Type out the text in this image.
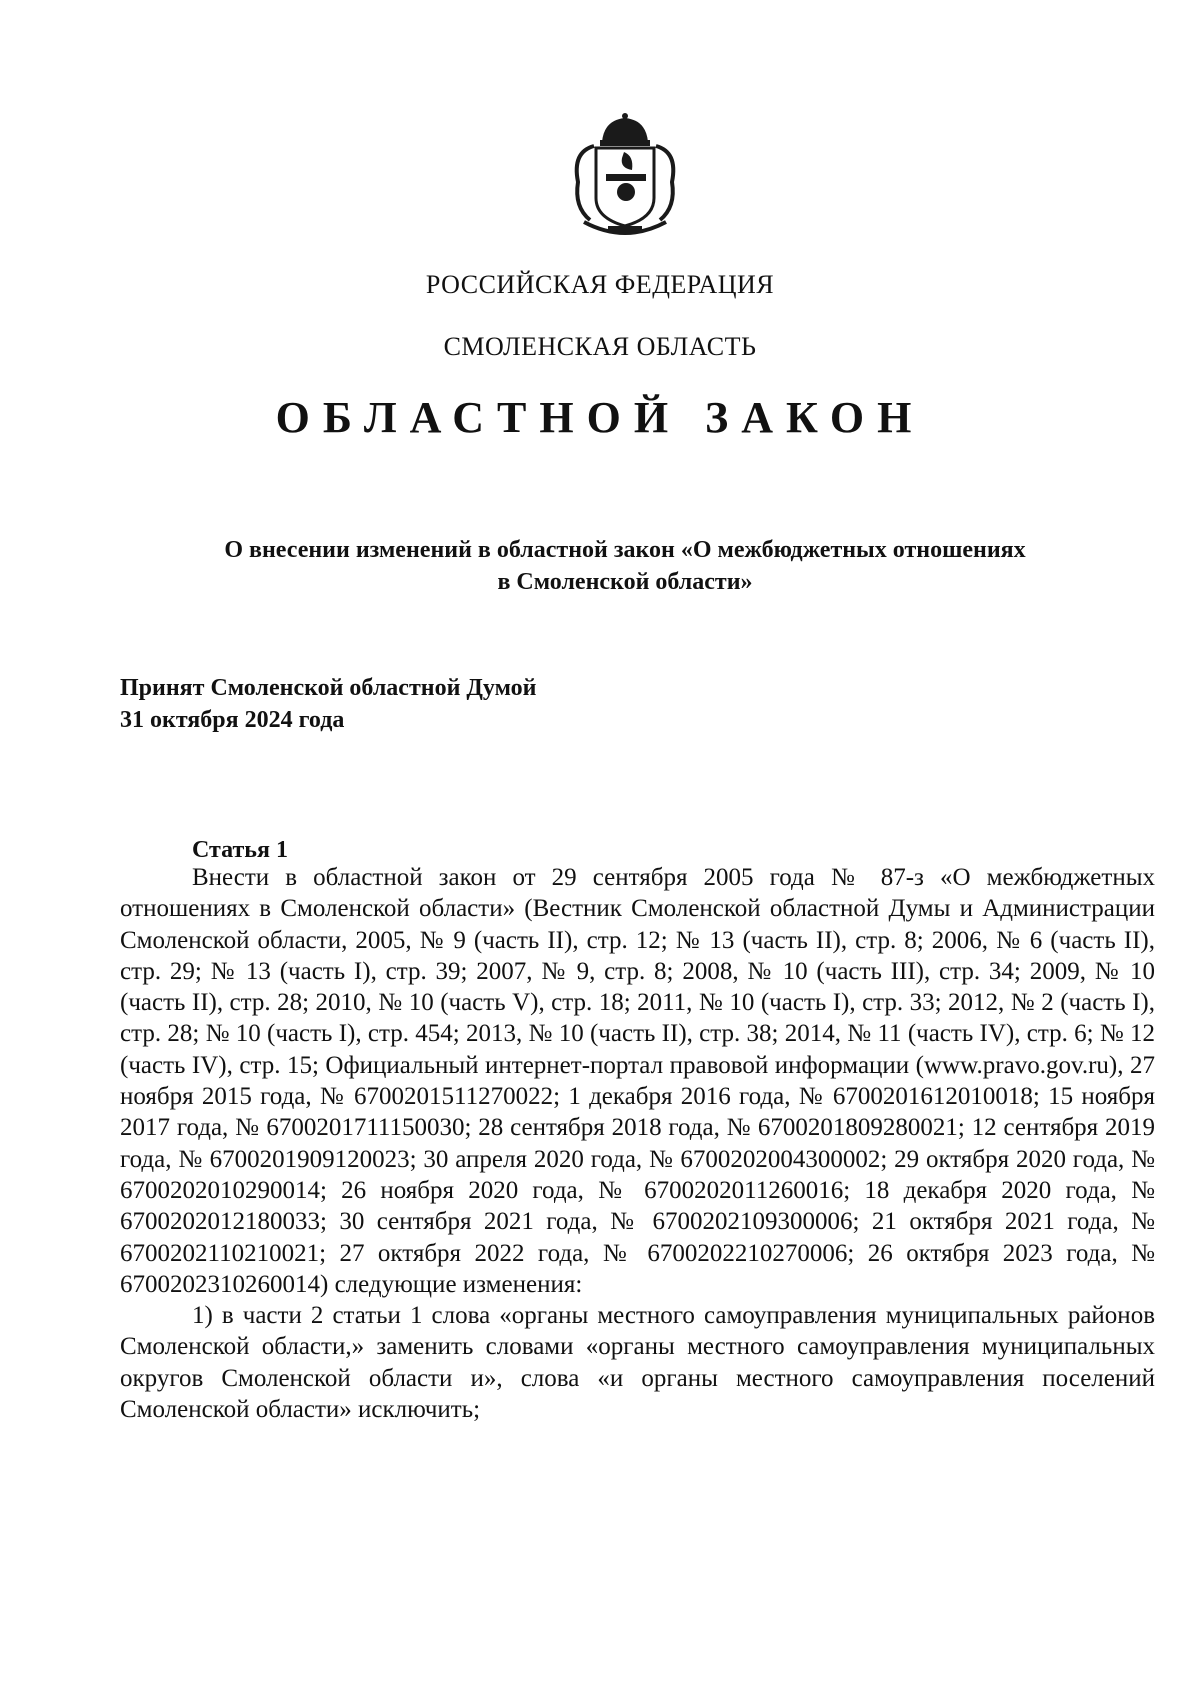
РОССИЙСКАЯ ФЕДЕРАЦИЯ
СМОЛЕНСКАЯ ОБЛАСТЬ
ОБЛАСТНОЙ ЗАКОН
О внесении изменений в областной закон «О межбюджетных отношениях
в Смоленской области»
Принят Смоленской областной Думой
31 октября 2024 года
Статья 1

Внести в областной закон от 29 сентября 2005 года № 87-з «О межбюджетных отношениях в Смоленской области» (Вестник Смоленской областной Думы и Администрации Смоленской области, 2005, № 9 (часть II), стр. 12; № 13 (часть II), стр. 8; 2006, № 6 (часть II), стр. 29; № 13 (часть I), стр. 39; 2007, № 9, стр. 8; 2008, № 10 (часть III), стр. 34; 2009, № 10 (часть II), стр. 28; 2010, № 10 (часть V), стр. 18; 2011, № 10 (часть I), стр. 33; 2012, № 2 (часть I), стр. 28; № 10 (часть I), стр. 454; 2013, № 10 (часть II), стр. 38; 2014, № 11 (часть IV), стр. 6; № 12 (часть IV), стр. 15; Официальный интернет-портал правовой информации (www.pravo.gov.ru), 27 ноября 2015 года, № 6700201511270022; 1 декабря 2016 года, № 6700201612010018; 15 ноября 2017 года, № 6700201711150030; 28 сентября 2018 года, № 6700201809280021; 12 сентября 2019 года, № 6700201909120023; 30 апреля 2020 года, № 6700202004300002; 29 октября 2020 года, № 6700202010290014; 26 ноября 2020 года, № 6700202011260016; 18 декабря 2020 года, № 6700202012180033; 30 сентября 2021 года, № 6700202109300006; 21 октября 2021 года, № 6700202110210021; 27 октября 2022 года, № 6700202210270006; 26 октября 2023 года, № 6700202310260014) следующие изменения:

1) в части 2 статьи 1 слова «органы местного самоуправления муниципальных районов Смоленской области,» заменить словами «органы местного самоуправления муниципальных округов Смоленской области и», слова «и органы местного самоуправления поселений Смоленской области» исключить;
